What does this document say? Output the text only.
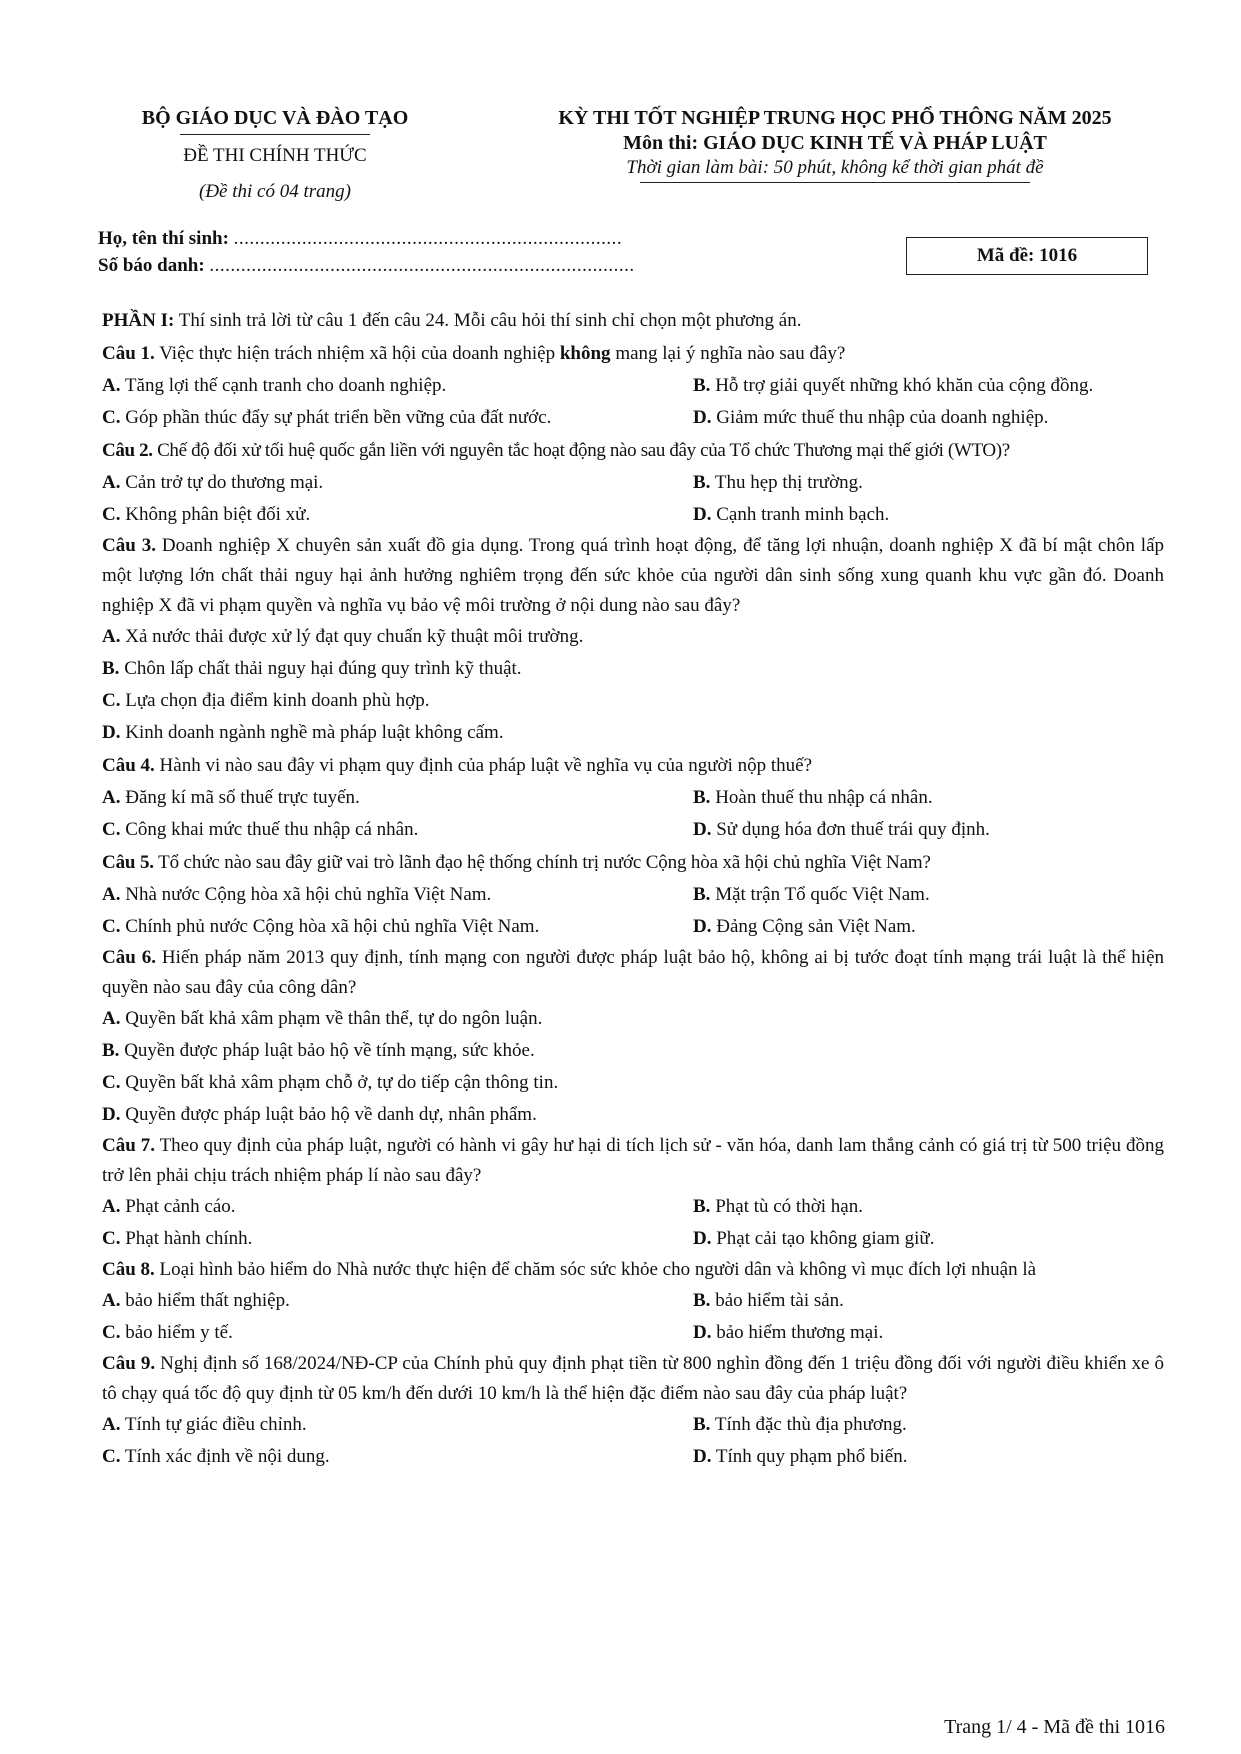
BỘ GIÁO DỤC VÀ ĐÀO TẠO
ĐỀ THI CHÍNH THỨC
(Đề thi có 04 trang)
KỲ THI TỐT NGHIỆP TRUNG HỌC PHỔ THÔNG NĂM 2025
Môn thi: GIÁO DỤC KINH TẾ VÀ PHÁP LUẬT
Thời gian làm bài: 50 phút, không kể thời gian phát đề
Họ, tên thí sinh: ..........................................................................
Số báo danh: .................................................................................	Mã đề: 1016
PHẦN I: Thí sinh trả lời từ câu 1 đến câu 24. Mỗi câu hỏi thí sinh chỉ chọn một phương án.
Câu 1. Việc thực hiện trách nhiệm xã hội của doanh nghiệp không mang lại ý nghĩa nào sau đây?
A. Tăng lợi thế cạnh tranh cho doanh nghiệp.	B. Hỗ trợ giải quyết những khó khăn của cộng đồng.
C. Góp phần thúc đẩy sự phát triển bền vững của đất nước.	D. Giảm mức thuế thu nhập của doanh nghiệp.
Câu 2. Chế độ đối xử tối huệ quốc gắn liền với nguyên tắc hoạt động nào sau đây của Tổ chức Thương mại thế giới (WTO)?
A. Cản trở tự do thương mại.	B. Thu hẹp thị trường.
C. Không phân biệt đối xử.	D. Cạnh tranh minh bạch.
Câu 3. Doanh nghiệp X chuyên sản xuất đồ gia dụng. Trong quá trình hoạt động, để tăng lợi nhuận, doanh nghiệp X đã bí mật chôn lấp một lượng lớn chất thải nguy hại ảnh hưởng nghiêm trọng đến sức khỏe của người dân sinh sống xung quanh khu vực gần đó. Doanh nghiệp X đã vi phạm quyền và nghĩa vụ bảo vệ môi trường ở nội dung nào sau đây?
A. Xả nước thải được xử lý đạt quy chuẩn kỹ thuật môi trường.
B. Chôn lấp chất thải nguy hại đúng quy trình kỹ thuật.
C. Lựa chọn địa điểm kinh doanh phù hợp.
D. Kinh doanh ngành nghề mà pháp luật không cấm.
Câu 4. Hành vi nào sau đây vi phạm quy định của pháp luật về nghĩa vụ của người nộp thuế?
A. Đăng kí mã số thuế trực tuyến.	B. Hoàn thuế thu nhập cá nhân.
C. Công khai mức thuế thu nhập cá nhân.	D. Sử dụng hóa đơn thuế trái quy định.
Câu 5. Tổ chức nào sau đây giữ vai trò lãnh đạo hệ thống chính trị nước Cộng hòa xã hội chủ nghĩa Việt Nam?
A. Nhà nước Cộng hòa xã hội chủ nghĩa Việt Nam.	B. Mặt trận Tổ quốc Việt Nam.
C. Chính phủ nước Cộng hòa xã hội chủ nghĩa Việt Nam.	D. Đảng Cộng sản Việt Nam.
Câu 6. Hiến pháp năm 2013 quy định, tính mạng con người được pháp luật bảo hộ, không ai bị tước đoạt tính mạng trái luật là thể hiện quyền nào sau đây của công dân?
A. Quyền bất khả xâm phạm về thân thể, tự do ngôn luận.
B. Quyền được pháp luật bảo hộ về tính mạng, sức khỏe.
C. Quyền bất khả xâm phạm chỗ ở, tự do tiếp cận thông tin.
D. Quyền được pháp luật bảo hộ về danh dự, nhân phẩm.
Câu 7. Theo quy định của pháp luật, người có hành vi gây hư hại di tích lịch sử - văn hóa, danh lam thắng cảnh có giá trị từ 500 triệu đồng trở lên phải chịu trách nhiệm pháp lí nào sau đây?
A. Phạt cảnh cáo.	B. Phạt tù có thời hạn.
C. Phạt hành chính.	D. Phạt cải tạo không giam giữ.
Câu 8. Loại hình bảo hiểm do Nhà nước thực hiện để chăm sóc sức khỏe cho người dân và không vì mục đích lợi nhuận là
A. bảo hiểm thất nghiệp.	B. bảo hiểm tài sản.
C. bảo hiểm y tế.	D. bảo hiểm thương mại.
Câu 9. Nghị định số 168/2024/NĐ-CP của Chính phủ quy định phạt tiền từ 800 nghìn đồng đến 1 triệu đồng đối với người điều khiển xe ô tô chạy quá tốc độ quy định từ 05 km/h đến dưới 10 km/h là thể hiện đặc điểm nào sau đây của pháp luật?
A. Tính tự giác điều chỉnh.	B. Tính đặc thù địa phương.
C. Tính xác định về nội dung.	D. Tính quy phạm phổ biến.
Trang 1/ 4 - Mã đề thi 1016
